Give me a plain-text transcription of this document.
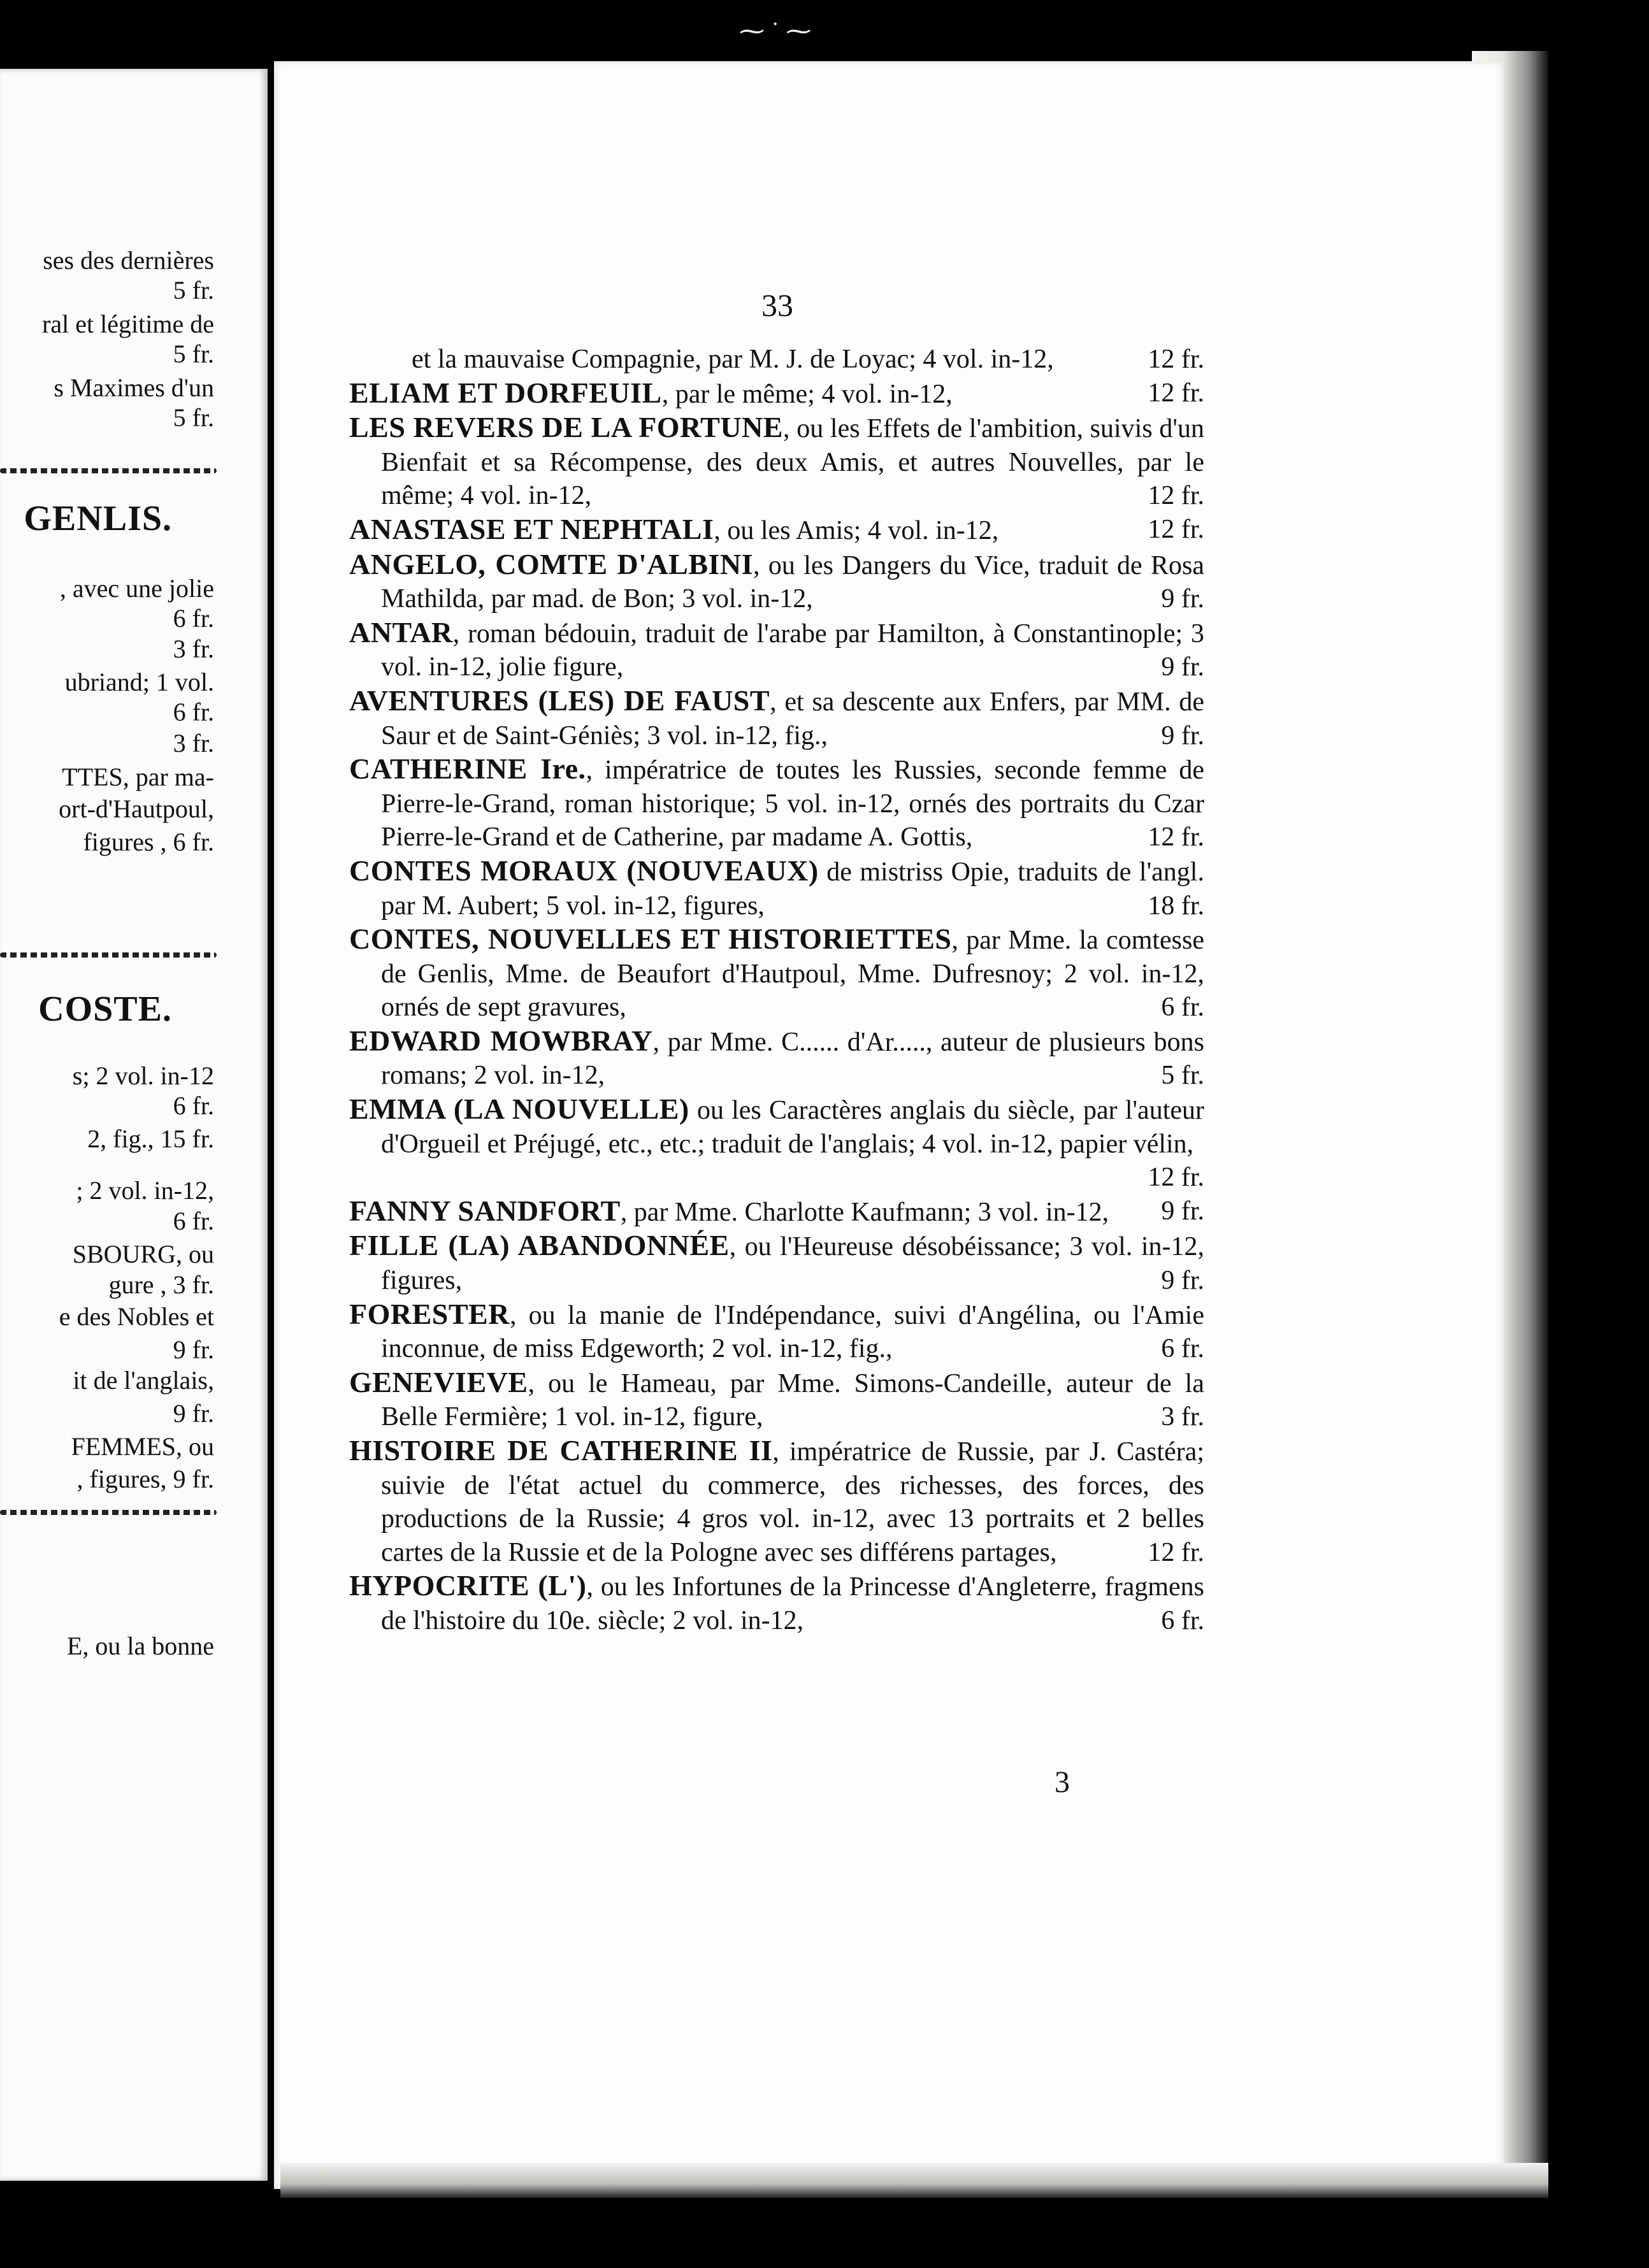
⁓ ˙ ⁓
ses des dernières
5 fr.
ral et légitime de
5 fr.
s Maximes d'un
5 fr.
GENLIS.
, avec une jolie
6 fr.
3 fr.
ubriand; 1 vol.
6 fr.
3 fr.
TTES, par ma-
ort-d'Hautpoul,
figures , 6 fr.
COSTE.
s; 2 vol. in-12
6 fr.
2, fig., 15 fr.
; 2 vol. in-12,
6 fr.
SBOURG, ou
gure , 3 fr.
e des Nobles et
9 fr.
it de l'anglais,
9 fr.
FEMMES, ou
, figures, 9 fr.
E, ou la bonne
33

et la mauvaise Compagnie, par M. J. de Loyac; 4 vol. in-12,	12 fr.

ELIAM ET DORFEUIL, par le même; 4 vol. in-12,	12 fr.

LES REVERS DE LA FORTUNE, ou les Effets de l'ambition, suivis d'un Bienfait et sa Récompense, des deux Amis, et autres Nouvelles, par le même; 4 vol. in-12,	12 fr.

ANASTASE ET NEPHTALI, ou les Amis; 4 vol. in-12,	12 fr.

ANGELO, COMTE D'ALBINI, ou les Dangers du Vice, traduit de Rosa Mathilda, par mad. de Bon; 3 vol. in-12,	9 fr.

ANTAR, roman bédouin, traduit de l'arabe par Hamilton, à Constantinople; 3 vol. in-12, jolie figure,	9 fr.

AVENTURES (LES) DE FAUST, et sa descente aux Enfers, par MM. de Saur et de Saint-Géniès; 3 vol. in-12, fig.,	9 fr.

CATHERINE Ire., impératrice de toutes les Russies, seconde femme de Pierre-le-Grand, roman historique; 5 vol. in-12, ornés des portraits du Czar Pierre-le-Grand et de Catherine, par madame A. Gottis,	12 fr.

CONTES MORAUX (NOUVEAUX) de mistriss Opie, traduits de l'angl. par M. Aubert; 5 vol. in-12, figures,	18 fr.

CONTES, NOUVELLES ET HISTORIETTES, par Mme. la comtesse de Genlis, Mme. de Beaufort d'Hautpoul, Mme. Dufresnoy; 2 vol. in-12, ornés de sept gravures,	6 fr.

EDWARD MOWBRAY, par Mme. C...... d'Ar....., auteur de plusieurs bons romans; 2 vol. in-12,	5 fr.

EMMA (LA NOUVELLE) ou les Caractères anglais du siècle, par l'auteur d'Orgueil et Préjugé, etc., etc.; traduit de l'anglais; 4 vol. in-12, papier vélin,
12 fr.

FANNY SANDFORT, par Mme. Charlotte Kaufmann; 3 vol. in-12, 9 fr.

FILLE (LA) ABANDONNÉE, ou l'Heureuse désobéissance; 3 vol. in-12, figures,	9 fr.

FORESTER, ou la manie de l'Indépendance, suivi d'Angélina, ou l'Amie inconnue, de miss Edgeworth; 2 vol. in-12, fig.,	6 fr.

GENEVIEVE, ou le Hameau, par Mme. Simons-Candeille, auteur de la Belle Fermière; 1 vol. in-12, figure,	3 fr.

HISTOIRE DE CATHERINE II, impératrice de Russie, par J. Castéra; suivie de l'état actuel du commerce, des richesses, des forces, des productions de la Russie; 4 gros vol. in-12, avec 13 portraits et 2 belles cartes de la Russie et de la Pologne avec ses différens partages,	12 fr.

HYPOCRITE (L'), ou les Infortunes de la Princesse d'Angleterre, fragmens de l'histoire du 10e. siècle; 2 vol. in-12,	6 fr.

3
